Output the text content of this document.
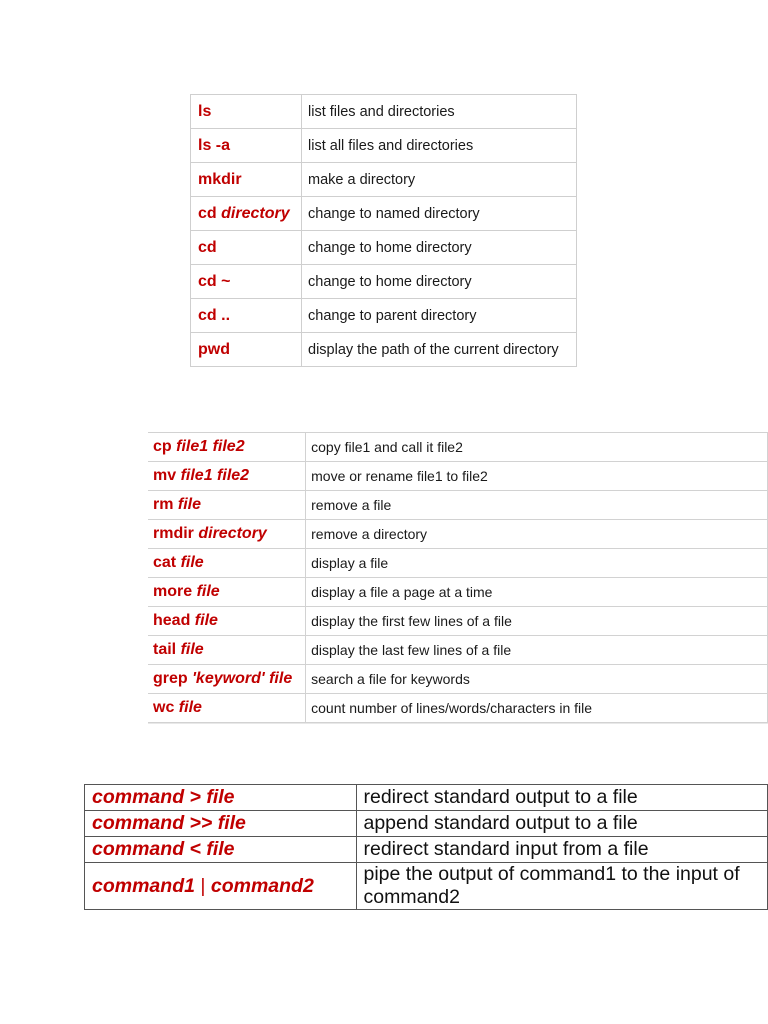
ls	list files and directories
ls -a	list all files and directories
mkdir	make a directory
cd directory	change to named directory
cd	change to home directory
cd ~	change to home directory
cd ..	change to parent directory
pwd	display the path of the current directory
cp file1 file2	copy file1 and call it file2
mv file1 file2	move or rename file1 to file2
rm file	remove a file
rmdir directory	remove a directory
cat file	display a file
more file	display a file a page at a time
head file	display the first few lines of a file
tail file	display the last few lines of a file
grep 'keyword' file	search a file for keywords
wc file	count number of lines/words/characters in file
command > file	redirect standard output to a file
command >> file	append standard output to a file
command < file	redirect standard input from a file
command1 | command2	pipe the output of command1 to the input of command2
